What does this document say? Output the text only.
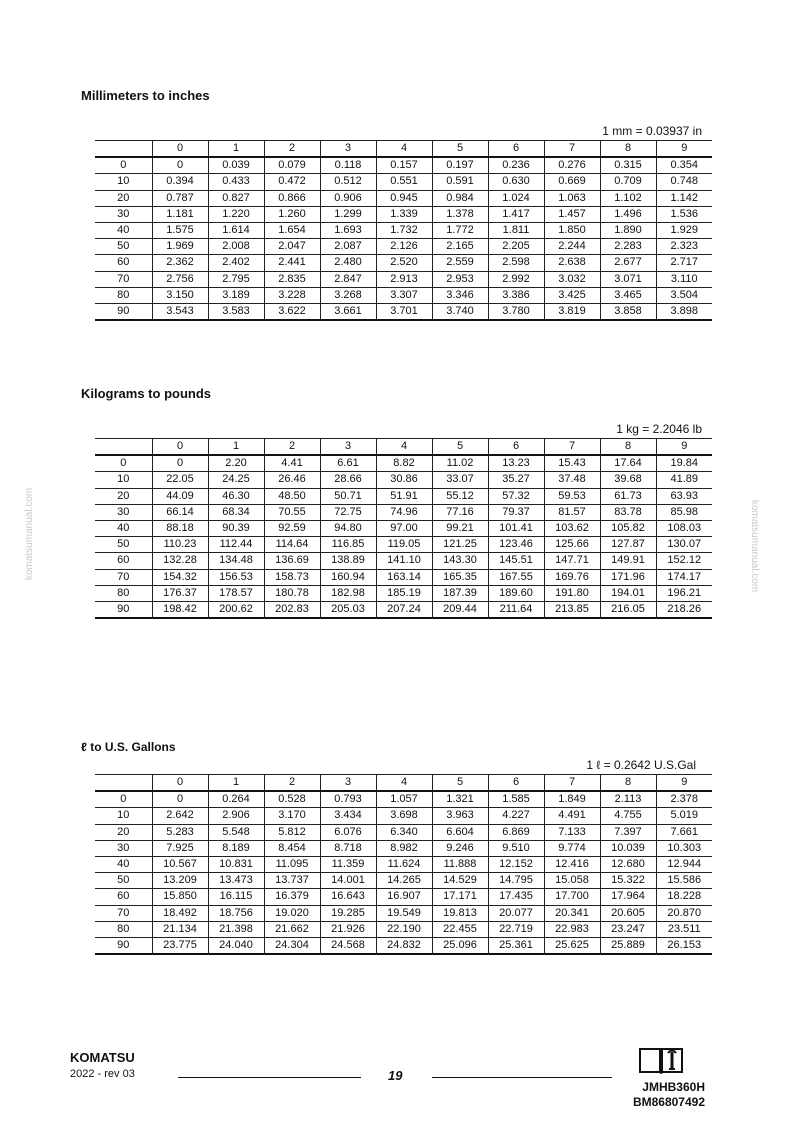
Millimeters to inches
1 mm = 0.03937 in
	0	1	2	3	4	5	6	7	8	9
0	0	0.039	0.079	0.118	0.157	0.197	0.236	0.276	0.315	0.354
10	0.394	0.433	0.472	0.512	0.551	0.591	0.630	0.669	0.709	0.748
20	0.787	0.827	0.866	0.906	0.945	0.984	1.024	1.063	1.102	1.142
30	1.181	1.220	1.260	1.299	1.339	1.378	1.417	1.457	1.496	1.536
40	1.575	1.614	1.654	1.693	1.732	1.772	1.811	1.850	1.890	1.929
50	1.969	2.008	2.047	2.087	2.126	2.165	2.205	2.244	2.283	2.323
60	2.362	2.402	2.441	2.480	2.520	2.559	2.598	2.638	2.677	2.717
70	2.756	2.795	2.835	2.847	2.913	2.953	2.992	3.032	3.071	3.110
80	3.150	3.189	3.228	3.268	3.307	3.346	3.386	3.425	3.465	3.504
90	3.543	3.583	3.622	3.661	3.701	3.740	3.780	3.819	3.858	3.898
Kilograms to pounds
1 kg = 2.2046 lb
	0	1	2	3	4	5	6	7	8	9
0	0	2.20	4.41	6.61	8.82	11.02	13.23	15.43	17.64	19.84
10	22.05	24.25	26.46	28.66	30.86	33.07	35.27	37.48	39.68	41.89
20	44.09	46.30	48.50	50.71	51.91	55.12	57.32	59.53	61.73	63.93
30	66.14	68.34	70.55	72.75	74.96	77.16	79.37	81.57	83.78	85.98
40	88.18	90.39	92.59	94.80	97.00	99.21	101.41	103.62	105.82	108.03
50	110.23	112.44	114.64	116.85	119.05	121.25	123.46	125.66	127.87	130.07
60	132.28	134.48	136.69	138.89	141.10	143.30	145.51	147.71	149.91	152.12
70	154.32	156.53	158.73	160.94	163.14	165.35	167.55	169.76	171.96	174.17
80	176.37	178.57	180.78	182.98	185.19	187.39	189.60	191.80	194.01	196.21
90	198.42	200.62	202.83	205.03	207.24	209.44	211.64	213.85	216.05	218.26
ℓ to U.S. Gallons
1 ℓ = 0.2642 U.S.Gal
	0	1	2	3	4	5	6	7	8	9
0	0	0.264	0.528	0.793	1.057	1.321	1.585	1.849	2.113	2.378
10	2.642	2.906	3.170	3.434	3.698	3.963	4.227	4.491	4.755	5.019
20	5.283	5.548	5.812	6.076	6.340	6.604	6.869	7.133	7.397	7.661
30	7.925	8.189	8.454	8.718	8.982	9.246	9.510	9.774	10.039	10.303
40	10.567	10.831	11.095	11.359	11.624	11.888	12.152	12.416	12.680	12.944
50	13.209	13.473	13.737	14.001	14.265	14.529	14.795	15.058	15.322	15.586
60	15.850	16.115	16.379	16.643	16.907	17.171	17.435	17.700	17.964	18.228
70	18.492	18.756	19.020	19.285	19.549	19.813	20.077	20.341	20.605	20.870
80	21.134	21.398	21.662	21.926	22.190	22.455	22.719	22.983	23.247	23.511
90	23.775	24.040	24.304	24.568	24.832	25.096	25.361	25.625	25.889	26.153
komatsumanual.com	komatsumanual.com
KOMATSU
2022 - rev 03	19
JMHB360H
BM86807492
